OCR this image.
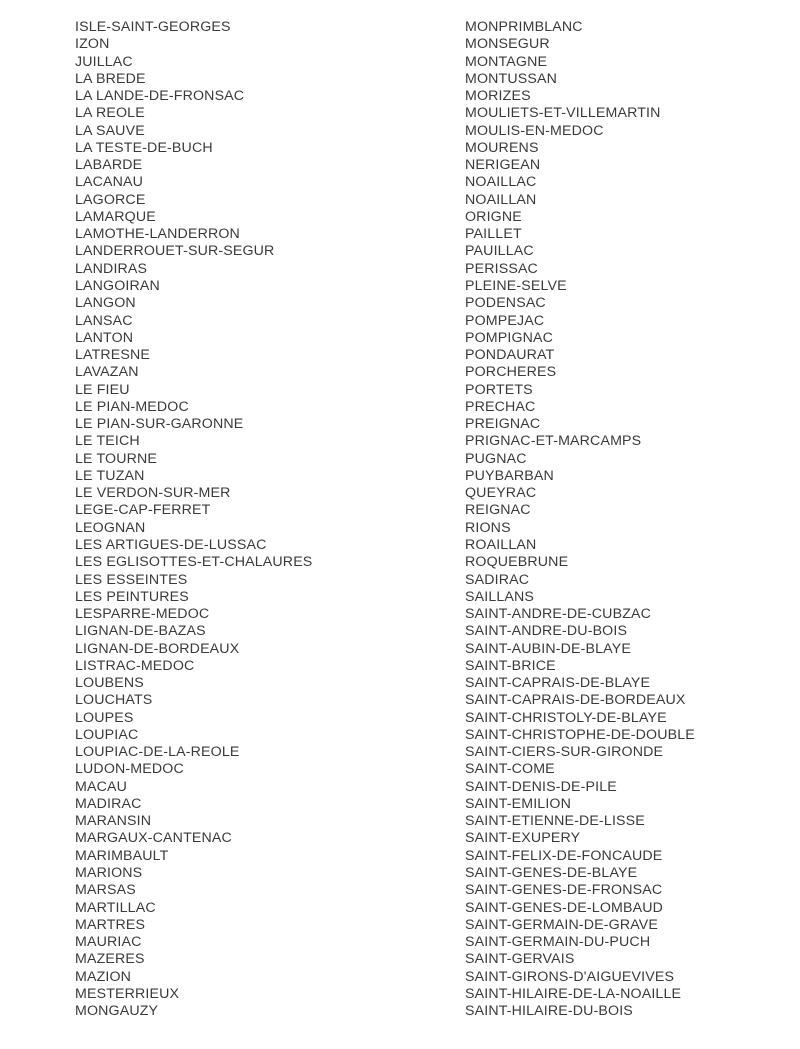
ISLE-SAINT-GEORGES
IZON
JUILLAC
LA BREDE
LA LANDE-DE-FRONSAC
LA REOLE
LA SAUVE
LA TESTE-DE-BUCH
LABARDE
LACANAU
LAGORCE
LAMARQUE
LAMOTHE-LANDERRON
LANDERROUET-SUR-SEGUR
LANDIRAS
LANGOIRAN
LANGON
LANSAC
LANTON
LATRESNE
LAVAZAN
LE FIEU
LE PIAN-MEDOC
LE PIAN-SUR-GARONNE
LE TEICH
LE TOURNE
LE TUZAN
LE VERDON-SUR-MER
LEGE-CAP-FERRET
LEOGNAN
LES ARTIGUES-DE-LUSSAC
LES EGLISOTTES-ET-CHALAURES
LES ESSEINTES
LES PEINTURES
LESPARRE-MEDOC
LIGNAN-DE-BAZAS
LIGNAN-DE-BORDEAUX
LISTRAC-MEDOC
LOUBENS
LOUCHATS
LOUPES
LOUPIAC
LOUPIAC-DE-LA-REOLE
LUDON-MEDOC
MACAU
MADIRAC
MARANSIN
MARGAUX-CANTENAC
MARIMBAULT
MARIONS
MARSAS
MARTILLAC
MARTRES
MAURIAC
MAZERES
MAZION
MESTERRIEUX
MONGAUZY
MONPRIMBLANC
MONSEGUR
MONTAGNE
MONTUSSAN
MORIZES
MOULIETS-ET-VILLEMARTIN
MOULIS-EN-MEDOC
MOURENS
NERIGEAN
NOAILLAC
NOAILLAN
ORIGNE
PAILLET
PAUILLAC
PERISSAC
PLEINE-SELVE
PODENSAC
POMPEJAC
POMPIGNAC
PONDAURAT
PORCHERES
PORTETS
PRECHAC
PREIGNAC
PRIGNAC-ET-MARCAMPS
PUGNAC
PUYBARBAN
QUEYRAC
REIGNAC
RIONS
ROAILLAN
ROQUEBRUNE
SADIRAC
SAILLANS
SAINT-ANDRE-DE-CUBZAC
SAINT-ANDRE-DU-BOIS
SAINT-AUBIN-DE-BLAYE
SAINT-BRICE
SAINT-CAPRAIS-DE-BLAYE
SAINT-CAPRAIS-DE-BORDEAUX
SAINT-CHRISTOLY-DE-BLAYE
SAINT-CHRISTOPHE-DE-DOUBLE
SAINT-CIERS-SUR-GIRONDE
SAINT-COME
SAINT-DENIS-DE-PILE
SAINT-EMILION
SAINT-ETIENNE-DE-LISSE
SAINT-EXUPERY
SAINT-FELIX-DE-FONCAUDE
SAINT-GENES-DE-BLAYE
SAINT-GENES-DE-FRONSAC
SAINT-GENES-DE-LOMBAUD
SAINT-GERMAIN-DE-GRAVE
SAINT-GERMAIN-DU-PUCH
SAINT-GERVAIS
SAINT-GIRONS-D'AIGUEVIVES
SAINT-HILAIRE-DE-LA-NOAILLE
SAINT-HILAIRE-DU-BOIS
